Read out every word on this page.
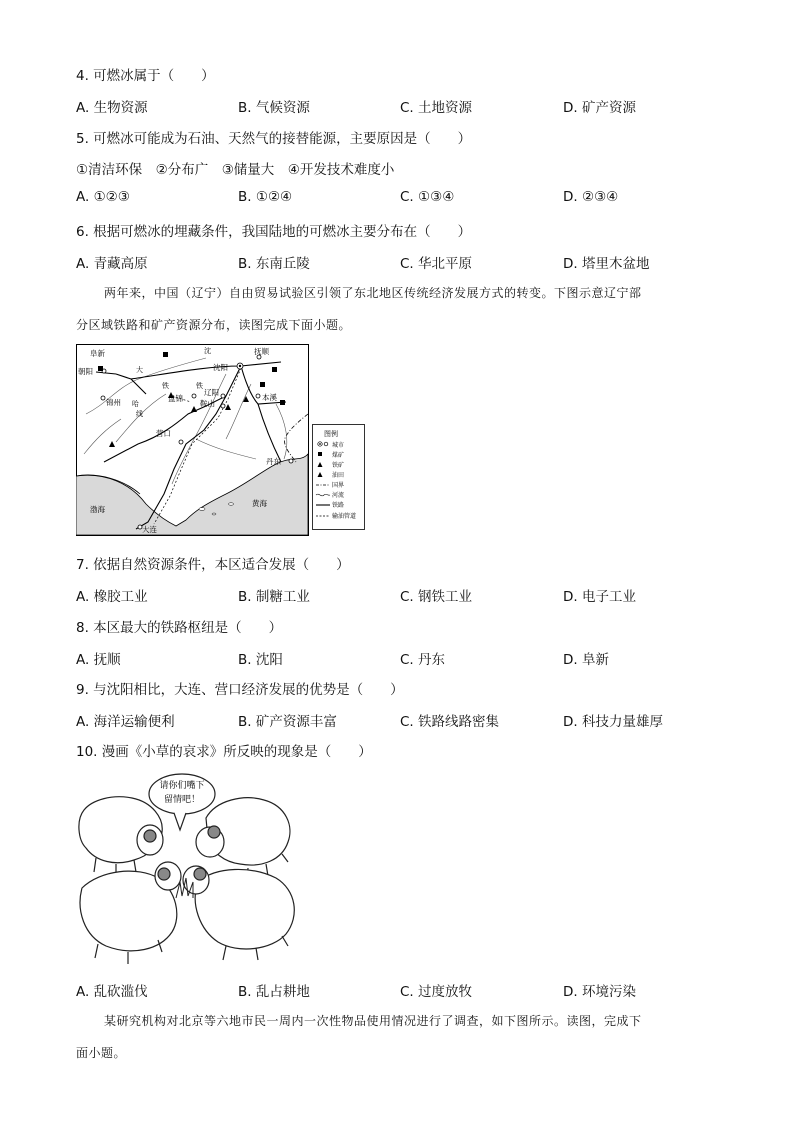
4. 可燃冰属于（　　）
A. 生物资源	B. 气候资源	C. 土地资源	D. 矿产资源
5. 可燃冰可能成为石油、天然气的接替能源，主要原因是（　　）
①清洁环保　②分布广　③储量大　④开发技术难度小
A. ①②③	B. ①②④	C. ①③④	D. ②③④
6. 根据可燃冰的埋藏条件，我国陆地的可燃冰主要分布在（　　）
A. 青藏高原	B. 东南丘陵	C. 华北平原	D. 塔里木盆地
两年来，中国（辽宁）自由贸易试验区引领了东北地区传统经济发展方式的转变。下图示意辽宁部
分区域铁路和矿产资源分布，读图完成下面小题。
沈
大
铁	铁
哈
线
阜新
朝阳
锦州
沈阳
抚顺
盘锦
辽阳
鞍山
本溪
营口
丹东
大连
渤海
黄海
图例
城市
煤矿
铁矿
油田
国界
河流
铁路
输油管道
7. 依据自然资源条件，本区适合发展（　　）
A. 橡胶工业	B. 制糖工业	C. 钢铁工业	D. 电子工业
8. 本区最大的铁路枢纽是（　　）
A. 抚顺	B. 沈阳	C. 丹东	D. 阜新
9. 与沈阳相比，大连、营口经济发展的优势是（　　）
A. 海洋运输便利	B. 矿产资源丰富	C. 铁路线路密集	D. 科技力量雄厚
10. 漫画《小草的哀求》所反映的现象是（　　）
请你们嘴下
留情吧！
A. 乱砍滥伐	B. 乱占耕地	C. 过度放牧	D. 环境污染
某研究机构对北京等六地市民一周内一次性物品使用情况进行了调查，如下图所示。读图，完成下
面小题。
